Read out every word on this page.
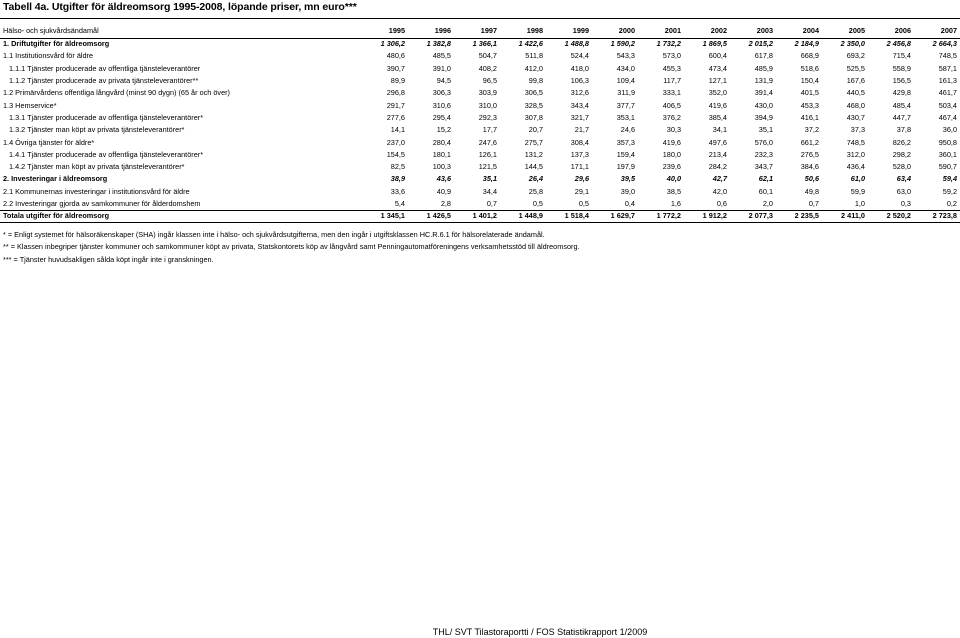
Tabell 4a. Utgifter för äldreomsorg 1995-2008, löpande priser, mn euro***
Hälso- och sjukvårdsändamål	1995	1996	1997	1998	1999	2000	2001	2002	2003	2004	2005	2006	2007
1. Driftutgifter för äldreomsorg	1 306,2	1 382,8	1 366,1	1 422,6	1 488,8	1 590,2	1 732,2	1 869,5	2 015,2	2 184,9	2 350,0	2 456,8	2 664,3
1.1 Institutionsvård för äldre	480,6	485,5	504,7	511,8	524,4	543,3	573,0	600,4	617,8	668,9	693,2	715,4	748,5
1.1.1 Tjänster producerade av offentliga tjänsteleverantörer	390,7	391,0	408,2	412,0	418,0	434,0	455,3	473,4	485,9	518,6	525,5	558,9	587,1
1.1.2 Tjänster producerade av privata tjänsteleverantörer**	89,9	94,5	96,5	99,8	106,3	109,4	117,7	127,1	131,9	150,4	167,6	156,5	161,3
1.2 Primärvårdens offentliga långvård (minst 90 dygn) (65 år och över)	296,8	306,3	303,9	306,5	312,6	311,9	333,1	352,0	391,4	401,5	440,5	429,8	461,7
1.3 Hemservice*	291,7	310,6	310,0	328,5	343,4	377,7	406,5	419,6	430,0	453,3	468,0	485,4	503,4
1.3.1 Tjänster producerade av offentliga tjänsteleverantörer*	277,6	295,4	292,3	307,8	321,7	353,1	376,2	385,4	394,9	416,1	430,7	447,7	467,4
1.3.2 Tjänster man köpt av privata tjänsteleverantörer*	14,1	15,2	17,7	20,7	21,7	24,6	30,3	34,1	35,1	37,2	37,3	37,8	36,0
1.4 Övriga tjänster för äldre*	237,0	280,4	247,6	275,7	308,4	357,3	419,6	497,6	576,0	661,2	748,5	826,2	950,8
1.4.1 Tjänster producerade av offentliga tjänsteleverantörer*	154,5	180,1	126,1	131,2	137,3	159,4	180,0	213,4	232,3	276,5	312,0	298,2	360,1
1.4.2 Tjänster man köpt av privata tjänsteleverantörer*	82,5	100,3	121,5	144,5	171,1	197,9	239,6	284,2	343,7	384,6	436,4	528,0	590,7
2. Investeringar i äldreomsorg	38,9	43,6	35,1	26,4	29,6	39,5	40,0	42,7	62,1	50,6	61,0	63,4	59,4
2.1 Kommunernas investeringar i institutionsvård för äldre	33,6	40,9	34,4	25,8	29,1	39,0	38,5	42,0	60,1	49,8	59,9	63,0	59,2
2.2 Investeringar gjorda av samkommuner för ålderdomshem	5,4	2,8	0,7	0,5	0,5	0,4	1,6	0,6	2,0	0,7	1,0	0,3	0,2
Totala utgifter för äldreomsorg	1 345,1	1 426,5	1 401,2	1 448,9	1 518,4	1 629,7	1 772,2	1 912,2	2 077,3	2 235,5	2 411,0	2 520,2	2 723,8
* = Enligt systemet för hälsoräkenskaper (SHA) ingår klassen inte i hälso- och sjukvårdsutgifterna, men den ingår i utgiftsklassen HC.R.6.1 för hälsorelaterade ändamål.
** = Klassen inbegriper tjänster kommuner och samkommuner köpt av privata, Statskontorets köp av långvård samt Penningautomatföreningens verksamhetsstöd till äldreomsorg.
*** = Tjänster huvudsakligen sålda köpt ingår inte i granskningen.
THL/ SVT Tilastoraportti / FOS Statistikrapport 1/2009
